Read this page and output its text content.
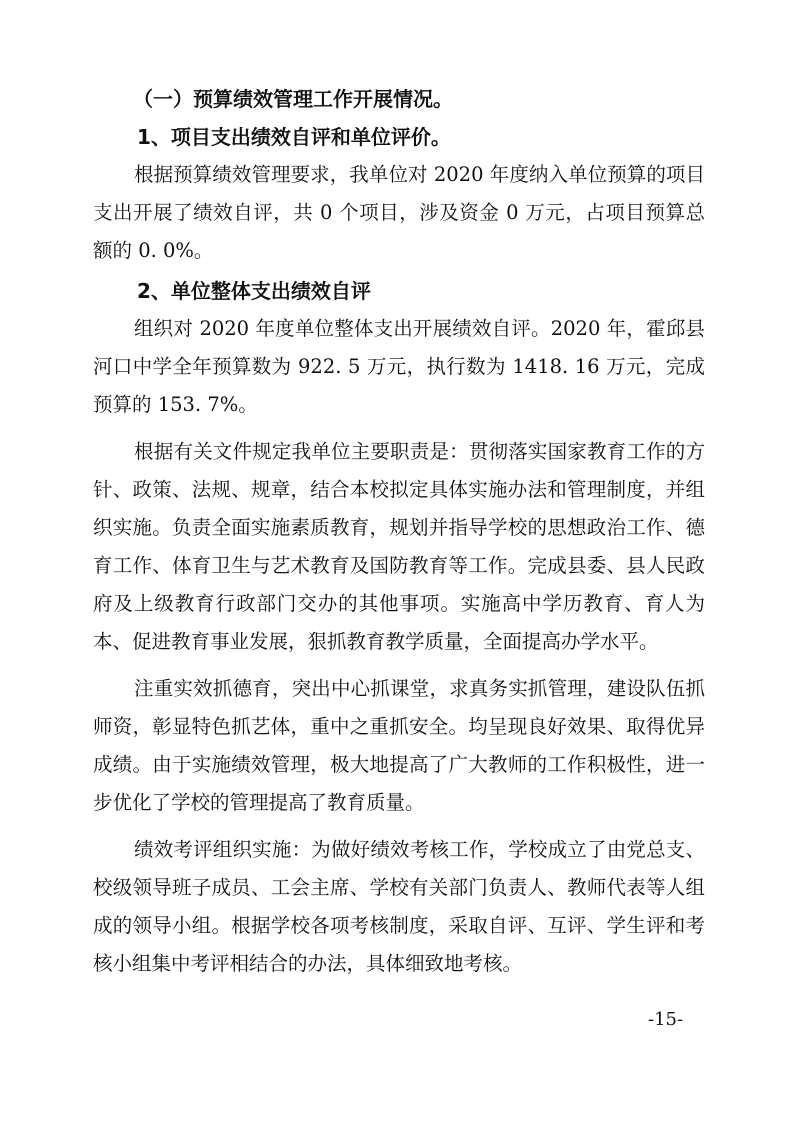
（一）预算绩效管理工作开展情况。
1、项目支出绩效自评和单位评价。

根据预算绩效管理要求，我单位对 2020 年度纳入单位预算的项目支出开展了绩效自评，共 0 个项目，涉及资金 0 万元，占项目预算总额的 0. 0%。

2、单位整体支出绩效自评

组织对 2020 年度单位整体支出开展绩效自评。2020 年，霍邱县河口中学全年预算数为 922. 5 万元，执行数为 1418. 16 万元，完成预算的 153. 7%。

根据有关文件规定我单位主要职责是：贯彻落实国家教育工作的方针、政策、法规、规章，结合本校拟定具体实施办法和管理制度，并组织实施。负责全面实施素质教育，规划并指导学校的思想政治工作、德育工作、体育卫生与艺术教育及国防教育等工作。完成县委、县人民政府及上级教育行政部门交办的其他事项。实施高中学历教育、育人为本、促进教育事业发展，狠抓教育教学质量，全面提高办学水平。

注重实效抓德育，突出中心抓课堂，求真务实抓管理，建设队伍抓师资，彰显特色抓艺体，重中之重抓安全。均呈现良好效果、取得优异成绩。由于实施绩效管理，极大地提高了广大教师的工作积极性，进一步优化了学校的管理提高了教育质量。

绩效考评组织实施：为做好绩效考核工作，学校成立了由党总支、校级领导班子成员、工会主席、学校有关部门负责人、教师代表等人组成的领导小组。根据学校各项考核制度，采取自评、互评、学生评和考核小组集中考评相结合的办法，具体细致地考核。

-15-
